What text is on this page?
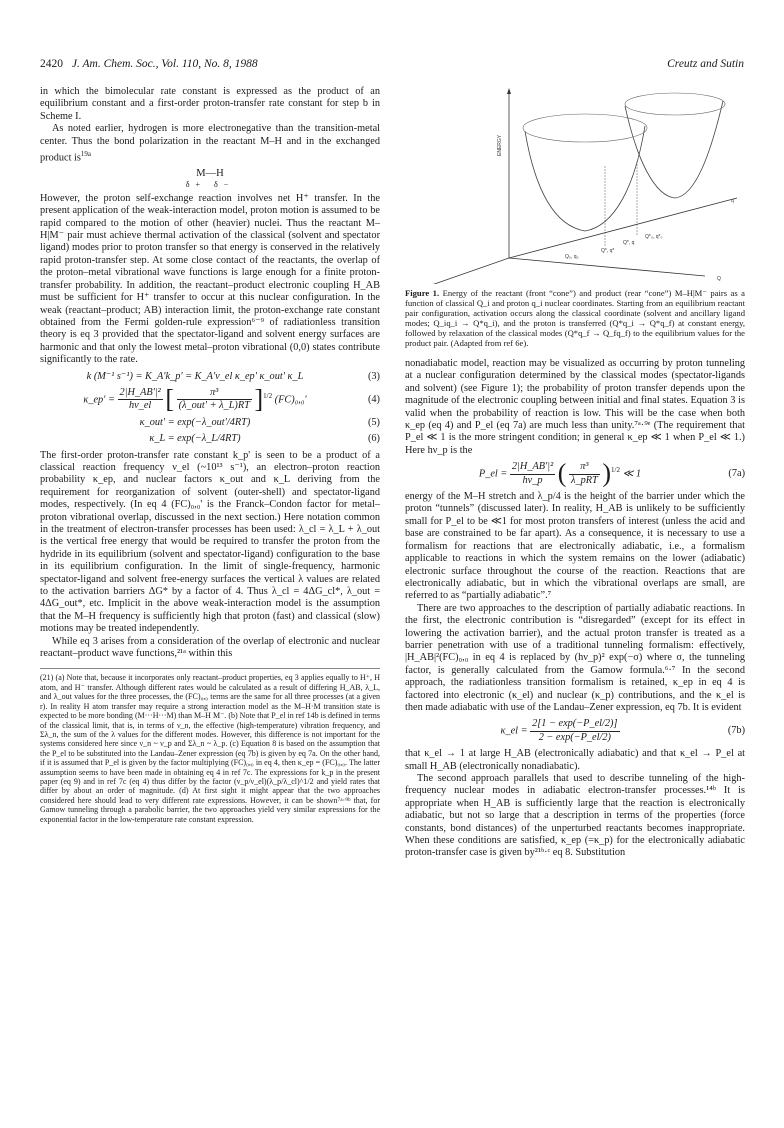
2420 J. Am. Chem. Soc., Vol. 110, No. 8, 1988	Creutz and Sutin

in which the bimolecular rate constant is expressed as the product of an equilibrium constant and a first-order proton-transfer rate constant for step b in Scheme I.

As noted earlier, hydrogen is more electronegative than the transition-metal center. Thus the bond polarization in the reactant M–H and in the exchanged product $is^{19a}$

M—H
δ+ δ−

However, the proton self-exchange reaction involves net H⁺ transfer. In the present application of the weak-interaction model, proton motion is assumed to be rapid compared to the motion of other (heavier) nuclei. Thus the reactant M–H|M⁻ pair must achieve thermal activation of the classical (solvent and spectator ligand) modes prior to proton transfer so that energy is conserved in the relatively rapid proton-transfer step. At some close contact of the reactants, the overlap of the proton–metal vibrational wave functions is large enough for a finite proton-transfer probability. In addition, the reactant–product electronic coupling H_AB must be sufficient for H⁺ transfer to occur at this nuclear configuration. In the weak (reactant–product; AB) interaction limit, the proton-exchange rate constant obtained from the Fermi golden-rule expression⁶⁻⁹ of radiationless transition theory is eq 3 provided that the spectator-ligand and solvent energy surfaces are harmonic and that only the lowest metal–proton vibrational (0,0) states contribute significantly to the rate.

k (M⁻¹ s⁻¹) = K_A'k_p' = K_A'ν_el κ_ep' κ_out' κ_L	(3)
κ_ep' = $\frac{\text{2|H\_AB'|²}}{h\nu\_el}$ [ $\frac{\text{π³}}{\text{(λ\_out' + λ\_L)RT}} ]^{1/2}$ (FC)₀,₀'	(4)
κ_out' = exp(−λ_out'/4RT)	(5)
κ_L = exp(−λ_L/4RT)	(6)

The first-order proton-transfer rate constant k_p' is seen to be a product of a classical reaction frequency ν_el (~10¹³ s⁻¹), an electron–proton reaction probability κ_ep, and nuclear factors κ_out and κ_L deriving from the requirement for reorganization of solvent (outer-shell) and spectator-ligand modes, respectively. (In eq 4 (FC)₀,₀' is the Franck–Condon factor for metal–proton vibrational overlap, discussed in the next section.) Here notation common in the treatment of electron-transfer processes has been used: λ_cl = λ_L + λ_out is the vertical free energy that would be required to transfer the proton from the hydride in its equilibrium (solvent and spectator-ligand) configuration to the base in its equilibrium configuration. In the limit of single-frequency, harmonic spectator-ligand and solvent free-energy surfaces the vertical λ values are related to the activation barriers ΔG* by a factor of 4. Thus λ_cl = 4ΔG_cl*, λ_out = 4ΔG_out*, etc. Implicit in the above weak-interaction model is the assumption that the M–H frequency is sufficiently high that proton (fast) and classical (slow) motions may be treated independently.

While eq 3 arises from a consideration of the overlap of electronic and nuclear reactant–product wave functions,²¹ᵃ within this

(21) (a) Note that, because it incorporates only reactant–product properties, eq 3 applies equally to H⁺, H atom, and H⁻ transfer. Although different rates would be calculated as a result of differing H_AB, λ_L, and λ_out values for the three processes, the (FC)₀,₀ terms are the same for all three processes (at a given r). In reality H atom transfer may require a strong interaction model as the M–H·M transition state is expected to be more bonding (M···H···M) than M–H M⁻. (b) Note that P_el in ref 14b is defined in terms of the classical limit, that is, in terms of ν_n, the effective (high-temperature) vibration frequency, and Σλ_n, the sum of the λ values for the different modes. However, this difference is not important for the systems considered here since ν_n ~ ν_p and Σλ_n ~ λ_p. (c) Equation 8 is based on the assumption that the P_el to be substituted into the Landau–Zener expression (eq 7b) is given by eq 7a. On the other hand, if it is assumed that P_el is given by the factor multiplying (FC)₀,₀ in eq 4, then κ_ep = (FC)₀,₀. The latter assumption seems to have been made in obtaining eq 4 in ref 7c. The expressions for k_p in the present paper (eq 9) and in ref 7c (eq 4) thus differ by the factor (ν_p/ν_el)(λ_p/λ_cl)^1/2 and yield rates that differ by about an order of magnitude. (d) At first sight it might appear that the two approaches considered here should lead to very different rate expressions. However, it can be shown⁷ᵃ·⁹ᵇ that, for Gamow tunneling through a parabolic barrier, the two approaches yield very similar expressions for the exponential factor in the low-temperature rate constant expression.
ENERGY
Q
q
Q₀, q₀
Q*, q*
Q*, q
Q*₀, q*₀
Figure 1. Energy of the reactant (front “cone”) and product (rear “cone”) M–H|M⁻ pairs as a function of classical Q_i and proton q_i nuclear coordinates. Starting from an equilibrium reactant pair configuration, activation occurs along the classical coordinate (solvent and ancillary ligand modes; Q_iq_i → Q*q_i), and the proton is transferred (Q*q_i → Q*q_f) at constant energy, followed by relaxation of the classical modes (Q*q_f → Q_fq_f) to the equilibrium values for the product pair. (Adapted from ref 6e).

nonadiabatic model, reaction may be visualized as occurring by proton tunneling at a nuclear configuration determined by the classical modes (spectator-ligands and solvent) (see Figure 1); the probability of proton transfer depends upon the magnitude of the electronic coupling between initial and final states. Equation 3 is valid when the probability of reaction is low. This will be the case when both κ_ep (eq 4) and P_el (eq 7a) are much less than unity.⁷ᵃ·⁹ᵉ (The requirement that P_el ≪ 1 is the more stringent condition; in general κ_ep ≪ 1 when P_el ≪ 1.) Here hν_p is the

P_el = $\frac{\text{2|H\_AB'|²}}{h\nu\_p}$ ( $\frac{\text{π³}}{\text{λ\_pRT}} )^{1/2}$ ≪ 1	(7a)

energy of the M–H stretch and λ_p/4 is the height of the barrier under which the proton “tunnels” (discussed later). In reality, H_AB is unlikely to be sufficiently small for P_el to be ≪1 for most proton transfers of interest (unless the acid and base are constrained to be far apart). As a consequence, it is necessary to use a formalism for reactions that are electronically adiabatic, i.e., a formalism applicable to reactions in which the system remains on the lower (adiabatic) electronic surface throughout the course of the reaction. Reactions that are electronically adiabatic, but in which the vibrational overlaps are small, are referred to as “partially adiabatic”.⁷

There are two approaches to the description of partially adiabatic reactions. In the first, the electronic contribution is “disregarded” (except for its effect in lowering the activation barrier), and the actual proton transfer is treated as a barrier penetration with use of a traditional tunneling formalism: effectively, |H_AB|²(FC)₀,₀ in eq 4 is replaced by (hν_p)² exp(−σ) where σ, the tunneling factor, is generally calculated from the Gamow formula.⁶·⁷ In the second approach, the radiationless transition formalism is retained, κ_ep in eq 4 is factored into electronic (κ_el) and nuclear (κ_p) contributions, and the κ_el is then made adiabatic with use of the Landau–Zener expression, eq 7b. It is evident

κ_el = $\frac{2[1 - \exp(-P\_el/2)]}{2 - \exp(-P\_el/2)}$	(7b)

that κ_el → 1 at large H_AB (electronically adiabatic) and that κ_el → P_el at small H_AB (electronically nonadiabatic).

The second approach parallels that used to describe tunneling of the high-frequency nuclear modes in adiabatic electron-transfer processes.¹⁴ᵇ It is appropriate when H_AB is sufficiently large that the reaction is electronically adiabatic, but not so large that a description in terms of the properties (force constants, bond distances) of the unperturbed reactants becomes inappropriate. When these conditions are satisfied, κ_ep (=κ_p) for the electronically adiabatic proton-transfer case is given by²¹ᵇ·ᶜ eq 8. Substitution
